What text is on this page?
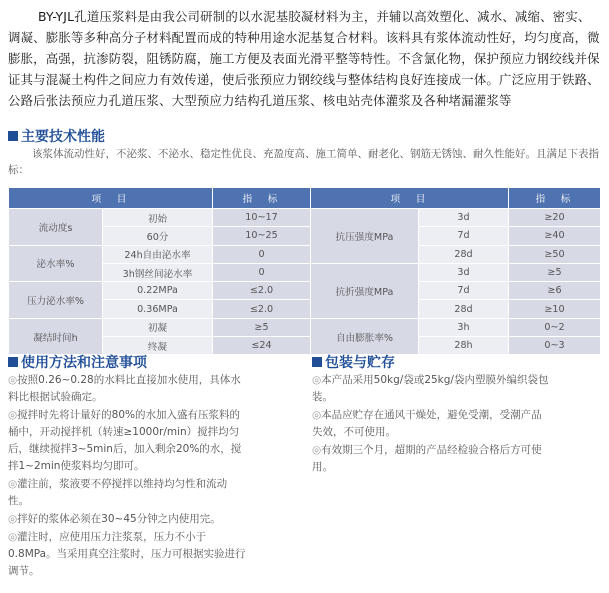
BY-YJL孔道压浆料是由我公司研制的以水泥基胶凝材料为主，并辅以高效塑化、减水、减缩、密实、调凝、膨胀等多种高分子材料配置而成的特种用途水泥基复合材料。该料具有浆体流动性好，均匀度高，微膨胀，高强，抗渗防裂，阻锈防腐，施工方便及表面光滑平整等特性。不含氯化物，保护预应力钢绞线并保证其与混凝土构件之间应力有效传递，使后张预应力钢绞线与整体结构良好连接成一体。广泛应用于铁路、公路后张法预应力孔道压浆、大型预应力结构孔道压浆、核电站壳体灌浆及各种堵漏灌浆等
主要技术性能
该浆体流动性好，不泌浆、不泌水、稳定性优良、充盈度高、施工简单、耐老化、钢筋无锈蚀、耐久性能好。且满足下表指标：
项　目		指　标	项　目		指　标
流动度s	初始	10~17	抗压强度MPa	3d	≥20
	60分	10~25		7d	≥40
泌水率%	24h自由泌水率	0		28d	≥50
	3h钢丝间泌水率	0	抗折强度MPa	3d	≥5
压力泌水率%	0.22MPa	≤2.0		7d	≥6
	0.36MPa	≤2.0		28d	≥10
凝结时间h	初凝	≥5	自由膨胀率%	3h	0~2
	终凝	≤24		28h	0~3
使用方法和注意事项

◎按照0.26~0.28的水料比直接加水使用，具体水料比根据试验确定。

◎搅拌时先将计量好的80%的水加入盛有压浆料的桶中，开动搅拌机（转速≥1000r/min）搅拌均匀后，继续搅拌3~5min后，加入剩余20%的水，搅拌1~2min使浆料均匀即可。

◎灌注前，浆液要不停搅拌以维持均匀性和流动性。

◎拌好的浆体必须在30~45分钟之内使用完。

◎灌注时，应使用压力注浆泵，压力不小于0.8MPa。当采用真空注浆时，压力可根据实验进行调节。

包装与贮存

◎本产品采用50kg/袋或25kg/袋内塑膜外编织袋包装。

◎本品应贮存在通风干燥处，避免受潮，受潮产品失效，不可使用。

◎有效期三个月，超期的产品经检验合格后方可使用。
